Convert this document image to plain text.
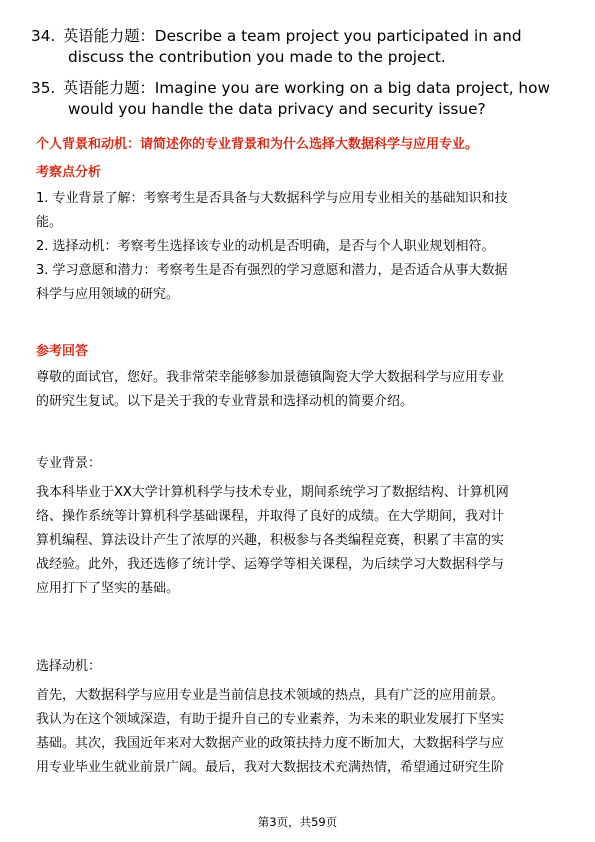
34. 英语能力题：Describe a team project you participated in and
discuss the contribution you made to the project.
35. 英语能力题：Imagine you are working on a big data project, how
would you handle the data privacy and security issue?
个人背景和动机：请简述你的专业背景和为什么选择大数据科学与应用专业。
考察点分析
1. 专业背景了解：考察考生是否具备与大数据科学与应用专业相关的基础知识和技
能。
2. 选择动机：考察考生选择该专业的动机是否明确，是否与个人职业规划相符。
3. 学习意愿和潜力：考察考生是否有强烈的学习意愿和潜力，是否适合从事大数据
科学与应用领域的研究。
参考回答
尊敬的面试官，您好。我非常荣幸能够参加景德镇陶瓷大学大数据科学与应用专业
的研究生复试。以下是关于我的专业背景和选择动机的简要介绍。
专业背景：
我本科毕业于XX大学计算机科学与技术专业，期间系统学习了数据结构、计算机网
络、操作系统等计算机科学基础课程，并取得了良好的成绩。在大学期间，我对计
算机编程、算法设计产生了浓厚的兴趣，积极参与各类编程竞赛，积累了丰富的实
战经验。此外，我还选修了统计学、运筹学等相关课程，为后续学习大数据科学与
应用打下了坚实的基础。
选择动机：
首先，大数据科学与应用专业是当前信息技术领域的热点，具有广泛的应用前景。
我认为在这个领域深造，有助于提升自己的专业素养，为未来的职业发展打下坚实
基础。其次，我国近年来对大数据产业的政策扶持力度不断加大，大数据科学与应
用专业毕业生就业前景广阔。最后，我对大数据技术充满热情，希望通过研究生阶
第3页，共59页
